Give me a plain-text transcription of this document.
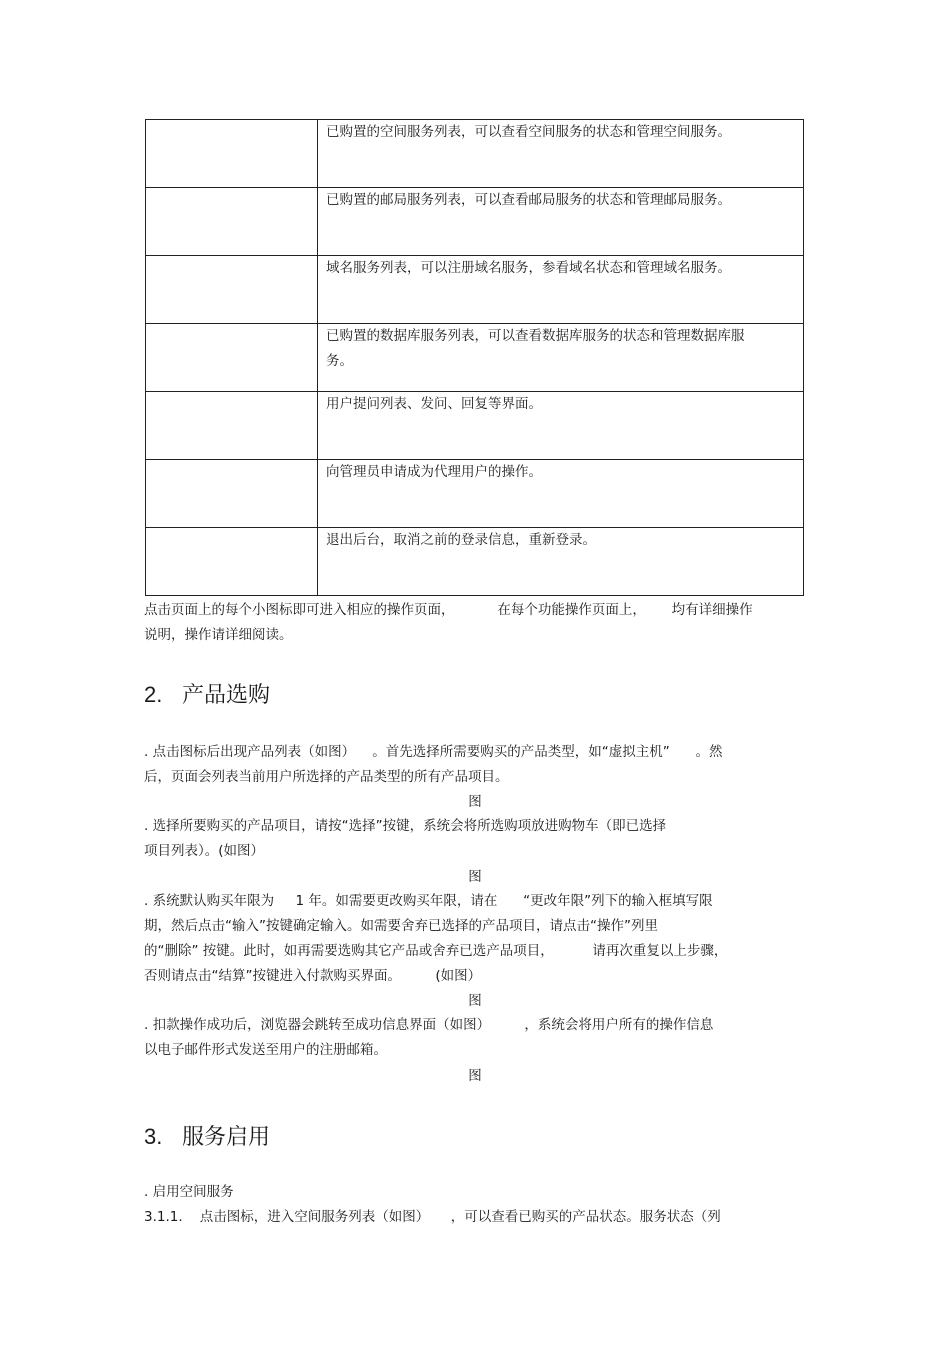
	已购置的空间服务列表，可以查看空间服务的状态和管理空间服务。
	已购置的邮局服务列表，可以查看邮局服务的状态和管理邮局服务。
	域名服务列表，可以注册域名服务，参看域名状态和管理域名服务。
	已购置的数据库服务列表，可以查看数据库服务的状态和管理数据库服务。
	用户提问列表、发问、回复等界面。
	向管理员申请成为代理用户的操作。
	退出后台，取消之前的登录信息，重新登录。
点击页面上的每个小图标即可进入相应的操作页面，          在每个功能操作页面上，      均有详细操作
说明，操作请详细阅读。
2. 产品选购
. 点击图标后出现产品列表（如图）    。首先选择所需要购买的产品类型，如“虚拟主机”      。然
后，页面会列表当前用户所选择的产品类型的所有产品项目。
图
. 选择所要购买的产品项目，请按“选择”按键，系统会将所选购项放进购物车（即已选择
项目列表）。(如图）
图
. 系统默认购买年限为     1 年。如需要更改购买年限，请在      “更改年限”列下的输入框填写限
期，然后点击“输入”按键确定输入。如需要舍弃已选择的产品项目，请点击“操作”列里
的“删除” 按键。此时，如再需要选购其它产品或舍弃已选产品项目，         请再次重复以上步骤，
否则请点击“结算”按键进入付款购买界面。        (如图）
图
. 扣款操作成功后，浏览器会跳转至成功信息界面（如图）        ，系统会将用户所有的操作信息
以电子邮件形式发送至用户的注册邮箱。
图
3. 服务启用
. 启用空间服务
3.1.1.    点击图标，进入空间服务列表（如图）     ，可以查看已购买的产品状态。服务状态（列
